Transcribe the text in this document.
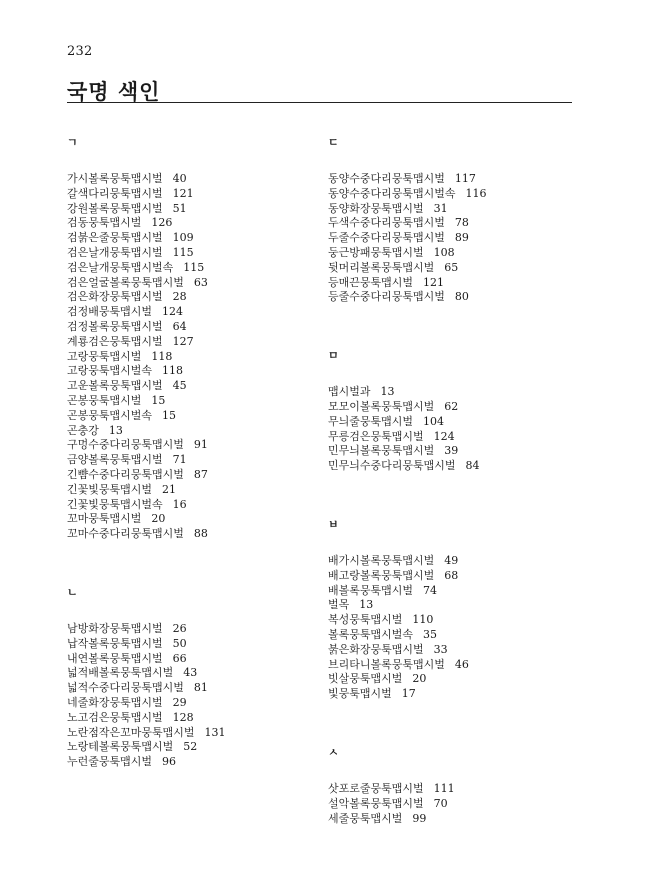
232
국명 색인
ㄱ
가시볼록뭉툭맵시벌 40
갈색다리뭉툭맵시벌 121
강원볼록뭉툭맵시벌 51
검동뭉툭맵시벌 126
검붉은줄뭉툭맵시벌 109
검은날개뭉툭맵시벌 115
검은날개뭉툭맵시벌속 115
검은얼굴볼록뭉툭맵시벌 63
검은화장뭉툭맵시벌 28
검정배뭉툭맵시벌 124
검정볼록뭉툭맵시벌 64
계룡검은뭉툭맵시벌 127
고랑뭉툭맵시벌 118
고랑뭉툭맵시벌속 118
고운볼록뭉툭맵시벌 45
곤봉뭉툭맵시벌 15
곤봉뭉툭맵시벌속 15
곤충강 13
구멍수중다리뭉툭맵시벌 91
금양볼록뭉툭맵시벌 71
긴뺨수중다리뭉툭맵시벌 87
긴꽃빛뭉툭맵시벌 21
긴꽃빛뭉툭맵시벌속 16
꼬마뭉툭맵시벌 20
꼬마수중다리뭉툭맵시벌 88
ㄴ
남방화장뭉툭맵시벌 26
납작볼록뭉툭맵시벌 50
내연볼록뭉툭맵시벌 66
넓적배볼록뭉툭맵시벌 43
넓적수중다리뭉툭맵시벌 81
네줄화장뭉툭맵시벌 29
노고검은뭉툭맵시벌 128
노란점작은꼬마뭉툭맵시벌 131
노랑테볼록뭉툭맵시벌 52
누런줄뭉툭맵시벌 96
ㄷ
동양수중다리뭉툭맵시벌 117
동양수중다리뭉툭맵시벌속 116
동양화장뭉툭맵시벌 31
두색수중다리뭉툭맵시벌 78
두줄수중다리뭉툭맵시벌 89
둥근방패뭉툭맵시벌 108
뒷머리볼록뭉툭맵시벌 65
등매끈뭉툭맵시벌 121
등줄수중다리뭉툭맵시벌 80
ㅁ
맵시벌과 13
모모이볼록뭉툭맵시벌 62
무늬줄뭉툭맵시벌 104
무릉검은뭉툭맵시벌 124
민무늬볼록뭉툭맵시벌 39
민무늬수중다리뭉툭맵시벌 84
ㅂ
배가시볼록뭉툭맵시벌 49
배고랑볼록뭉툭맵시벌 68
배볼록뭉툭맵시벌 74
벌목 13
복성뭉툭맵시벌 110
볼록뭉툭맵시벌속 35
붉은화장뭉툭맵시벌 33
브리타니볼록뭉툭맵시벌 46
빗살뭉툭맵시벌 20
빛뭉툭맵시벌 17
ㅅ
삿포로줄뭉툭맵시벌 111
설악볼록뭉툭맵시벌 70
세줄뭉툭맵시벌 99
